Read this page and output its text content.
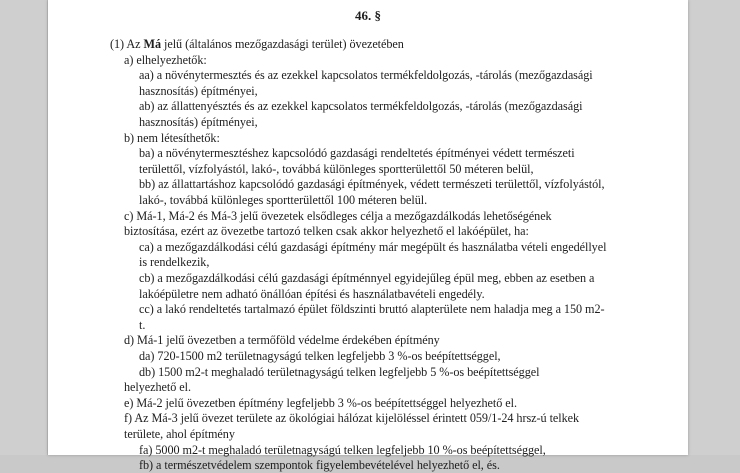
46. §
(1) Az Má jelű (általános mezőgazdasági terület) övezetében
a) elhelyezhetők:
aa) a növénytermesztés és az ezekkel kapcsolatos termékfeldolgozás, -tárolás (mezőgazdasági
hasznosítás) építményei,
ab) az állattenyésztés és az ezekkel kapcsolatos termékfeldolgozás, -tárolás (mezőgazdasági
hasznosítás) építményei,
b) nem létesíthetők:
ba) a növénytermesztéshez kapcsolódó gazdasági rendeltetés építményei védett természeti
területtől, vízfolyástól, lakó-, továbbá különleges sportterülettől 50 méteren belül,
bb) az állattartáshoz kapcsolódó gazdasági építmények, védett természeti területtől, vízfolyástól,
lakó-, továbbá különleges sportterülettől 100 méteren belül.
c) Má-1, Má-2 és Má-3 jelű övezetek elsődleges célja a mezőgazdálkodás lehetőségének
biztosítása, ezért az övezetbe tartozó telken csak akkor helyezhető el lakóépület, ha:
ca) a mezőgazdálkodási célú gazdasági építmény már megépült és használatba vételi engedéllyel
is rendelkezik,
cb) a mezőgazdálkodási célú gazdasági építménnyel egyidejűleg épül meg, ebben az esetben a
lakóépületre nem adható önállóan építési és használatbavételi engedély.
cc) a lakó rendeltetés tartalmazó épület földszinti bruttó alapterülete nem haladja meg a 150 m2-
t.
d) Má-1 jelű övezetben a termőföld védelme érdekében építmény
da) 720-1500 m2 területnagyságú telken legfeljebb 3 %-os beépítettséggel,
db) 1500 m2-t meghaladó területnagyságú telken legfeljebb 5 %-os beépítettséggel
helyezhető el.
e) Má-2 jelű övezetben építmény legfeljebb 3 %-os beépítettséggel helyezhető el.
f) Az Má-3 jelű övezet területe az ökológiai hálózat kijelöléssel érintett 059/1-24 hrsz-ú telkek
területe, ahol építmény
fa) 5000 m2-t meghaladó területnagyságú telken legfeljebb 10 %-os beépítettséggel,
fb) a természetvédelem szempontok figyelembevételével helyezhető el, és.
